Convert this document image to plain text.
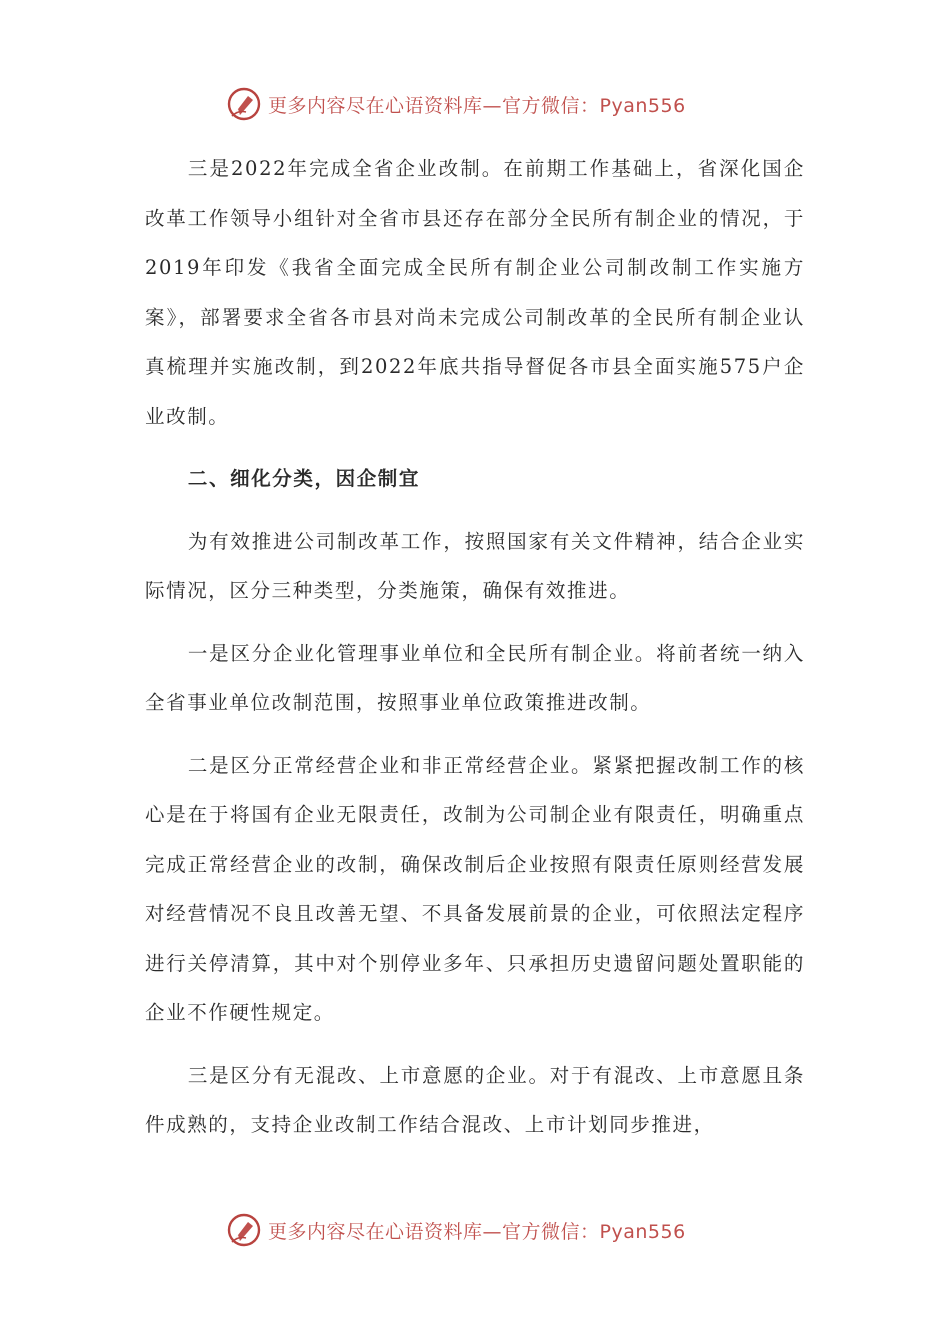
更多内容尽在心语资料库—官方微信：Pyan556

三是2022年完成全省企业改制。在前期工作基础上，省深化国企改革工作领导小组针对全省市县还存在部分全民所有制企业的情况，于2019年印发《我省全面完成全民所有制企业公司制改制工作实施方案》，部署要求全省各市县对尚未完成公司制改革的全民所有制企业认真梳理并实施改制，到2022年底共指导督促各市县全面实施575户企业改制。

二、细化分类，因企制宜

为有效推进公司制改革工作，按照国家有关文件精神，结合企业实际情况，区分三种类型，分类施策，确保有效推进。

一是区分企业化管理事业单位和全民所有制企业。将前者统一纳入全省事业单位改制范围，按照事业单位政策推进改制。

二是区分正常经营企业和非正常经营企业。紧紧把握改制工作的核心是在于将国有企业无限责任，改制为公司制企业有限责任，明确重点完成正常经营企业的改制，确保改制后企业按照有限责任原则经营发展对经营情况不良且改善无望、不具备发展前景的企业，可依照法定程序进行关停清算，其中对个别停业多年、只承担历史遗留问题处置职能的企业不作硬性规定。

三是区分有无混改、上市意愿的企业。对于有混改、上市意愿且条件成熟的，支持企业改制工作结合混改、上市计划同步推进，

更多内容尽在心语资料库—官方微信：Pyan556
